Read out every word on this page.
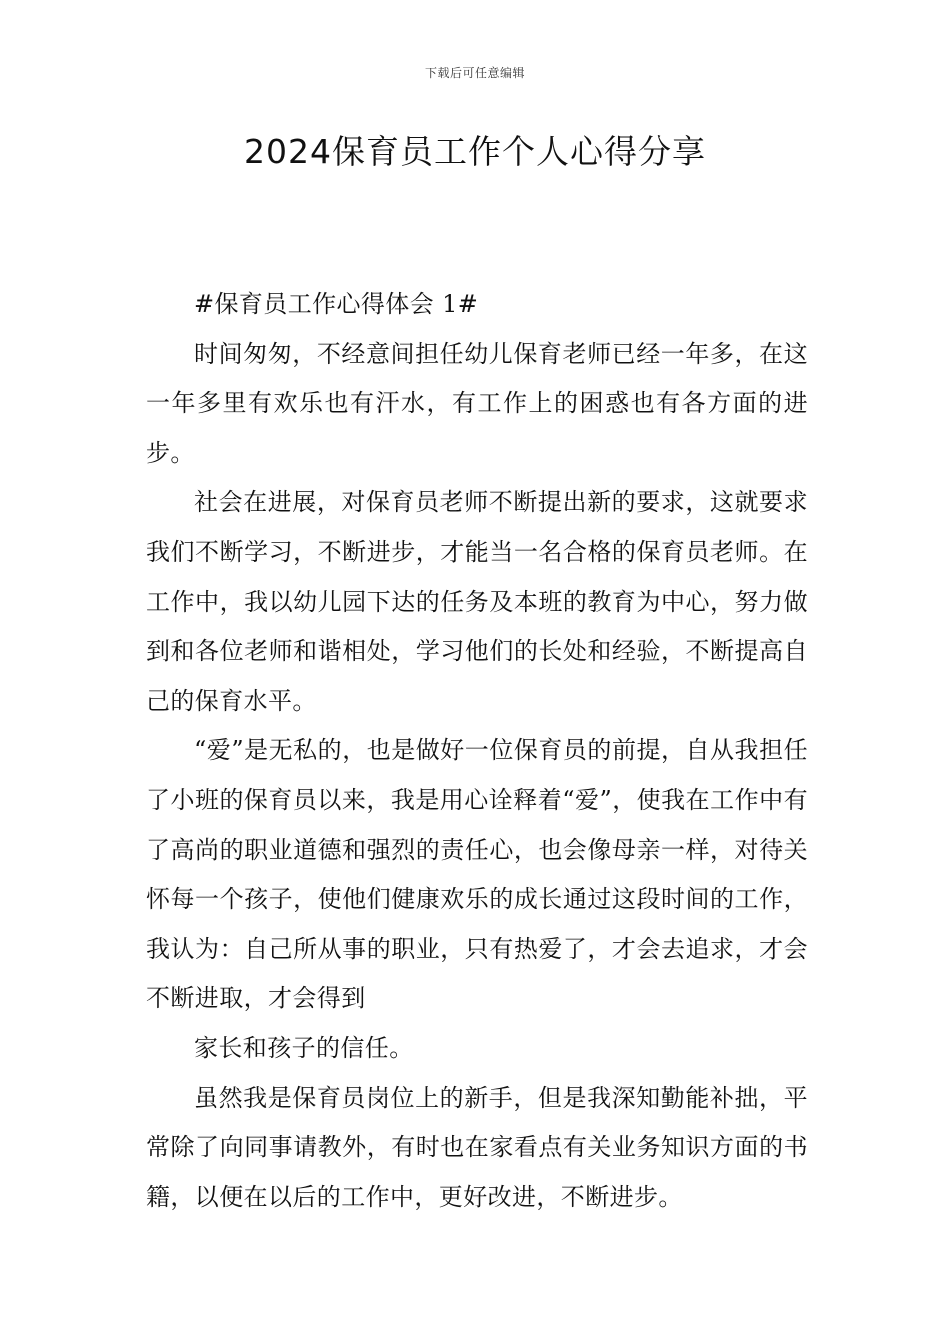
下载后可任意编辑
2024保育员工作个人心得分享

#保育员工作心得体会 1#

时间匆匆，不经意间担任幼儿保育老师已经一年多，在这一年多里有欢乐也有汗水，有工作上的困惑也有各方面的进步。

社会在进展，对保育员老师不断提出新的要求，这就要求我们不断学习，不断进步，才能当一名合格的保育员老师。在工作中，我以幼儿园下达的任务及本班的教育为中心，努力做到和各位老师和谐相处，学习他们的长处和经验，不断提高自己的保育水平。

“爱”是无私的，也是做好一位保育员的前提，自从我担任了小班的保育员以来，我是用心诠释着“爱”，使我在工作中有了高尚的职业道德和强烈的责任心，也会像母亲一样，对待关怀每一个孩子，使他们健康欢乐的成长通过这段时间的工作，我认为：自己所从事的职业，只有热爱了，才会去追求，才会不断进取，才会得到

家长和孩子的信任。

虽然我是保育员岗位上的新手，但是我深知勤能补拙，平常除了向同事请教外，有时也在家看点有关业务知识方面的书籍，以便在以后的工作中，更好改进，不断进步。
